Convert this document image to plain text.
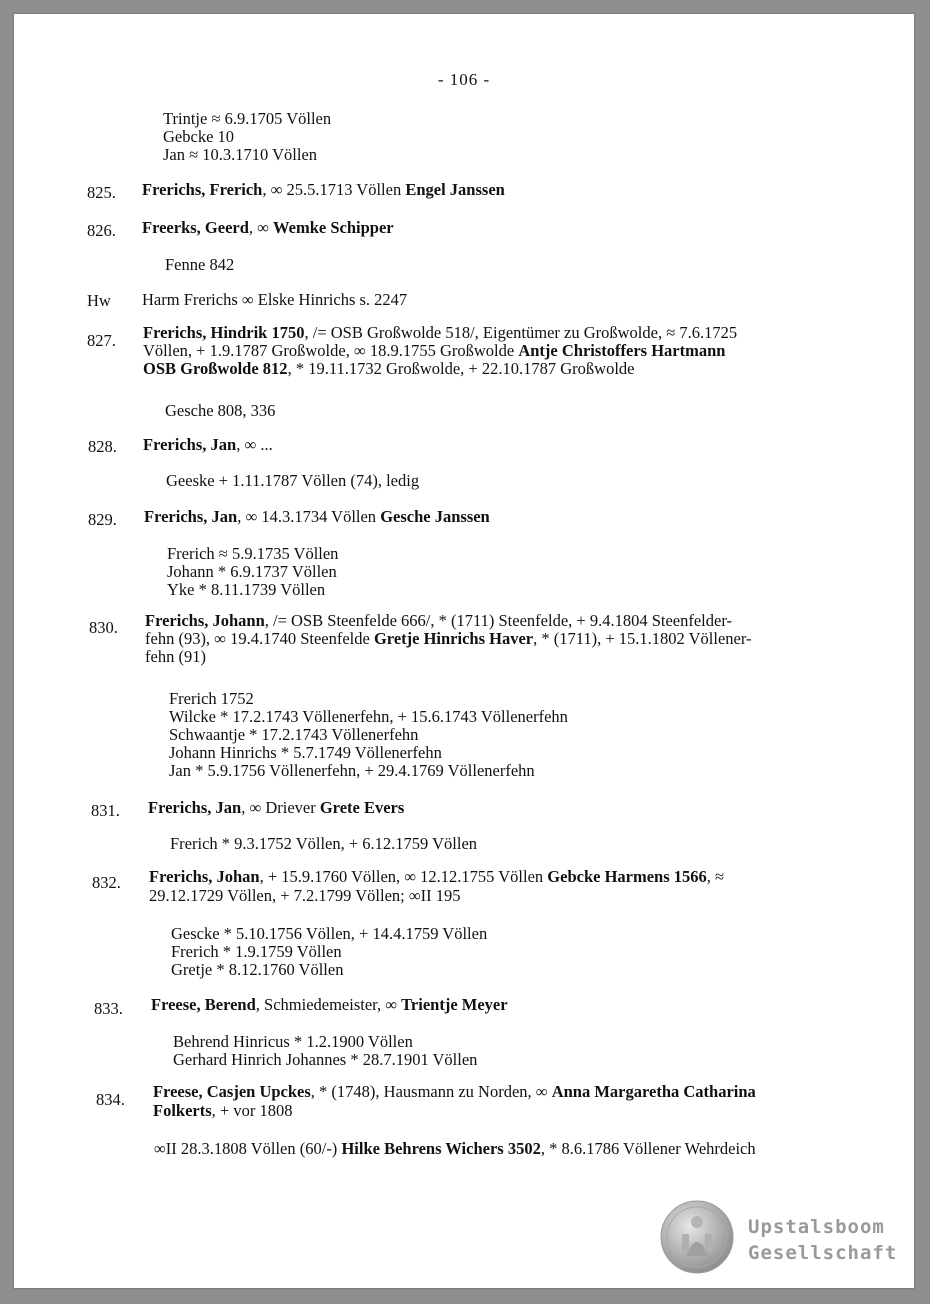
- 106 -
Trintje ≈ 6.9.1705 Völlen
Gebcke 10
Jan ≈ 10.3.1710 Völlen
825. Frerichs, Frerich, ∞ 25.5.1713 Völlen Engel Janssen
826. Freerks, Geerd, ∞ Wemke Schipper
Fenne 842
Hw Harm Frerichs ∞ Elske Hinrichs s. 2247
827. Frerichs, Hindrik 1750, /= OSB Großwolde 518/, Eigentümer zu Großwolde, ≈ 7.6.1725
Völlen, + 1.9.1787 Großwolde, ∞ 18.9.1755 Großwolde Antje Christoffers Hartmann
OSB Großwolde 812, * 19.11.1732 Großwolde, + 22.10.1787 Großwolde
Gesche 808, 336
828. Frerichs, Jan, ∞ ...
Geeske + 1.11.1787 Völlen (74), ledig
829. Frerichs, Jan, ∞ 14.3.1734 Völlen Gesche Janssen
Frerich ≈ 5.9.1735 Völlen
Johann * 6.9.1737 Völlen
Yke * 8.11.1739 Völlen
830. Frerichs, Johann, /= OSB Steenfelde 666/, * (1711) Steenfelde, + 9.4.1804 Steenfelder-
fehn (93), ∞ 19.4.1740 Steenfelde Gretje Hinrichs Haver, * (1711), + 15.1.1802 Völlener-
fehn (91)
Frerich 1752
Wilcke * 17.2.1743 Völlenerfehn, + 15.6.1743 Völlenerfehn
Schwaantje * 17.2.1743 Völlenerfehn
Johann Hinrichs * 5.7.1749 Völlenerfehn
Jan * 5.9.1756 Völlenerfehn, + 29.4.1769 Völlenerfehn
831. Frerichs, Jan, ∞ Driever Grete Evers
Frerich * 9.3.1752 Völlen, + 6.12.1759 Völlen
832. Frerichs, Johan, + 15.9.1760 Völlen, ∞ 12.12.1755 Völlen Gebcke Harmens 1566, ≈
29.12.1729 Völlen, + 7.2.1799 Völlen; ∞II 195
Gescke * 5.10.1756 Völlen, + 14.4.1759 Völlen
Frerich * 1.9.1759 Völlen
Gretje * 8.12.1760 Völlen
833. Freese, Berend, Schmiedemeister, ∞ Trientje Meyer
Behrend Hinricus * 1.2.1900 Völlen
Gerhard Hinrich Johannes * 28.7.1901 Völlen
834. Freese, Casjen Upckes, * (1748), Hausmann zu Norden, ∞ Anna Margaretha Catharina
Folkerts, + vor 1808
∞II 28.3.1808 Völlen (60/-) Hilke Behrens Wichers 3502, * 8.6.1786 Völlener Wehrdeich
Upstalsboom
Gesellschaft
